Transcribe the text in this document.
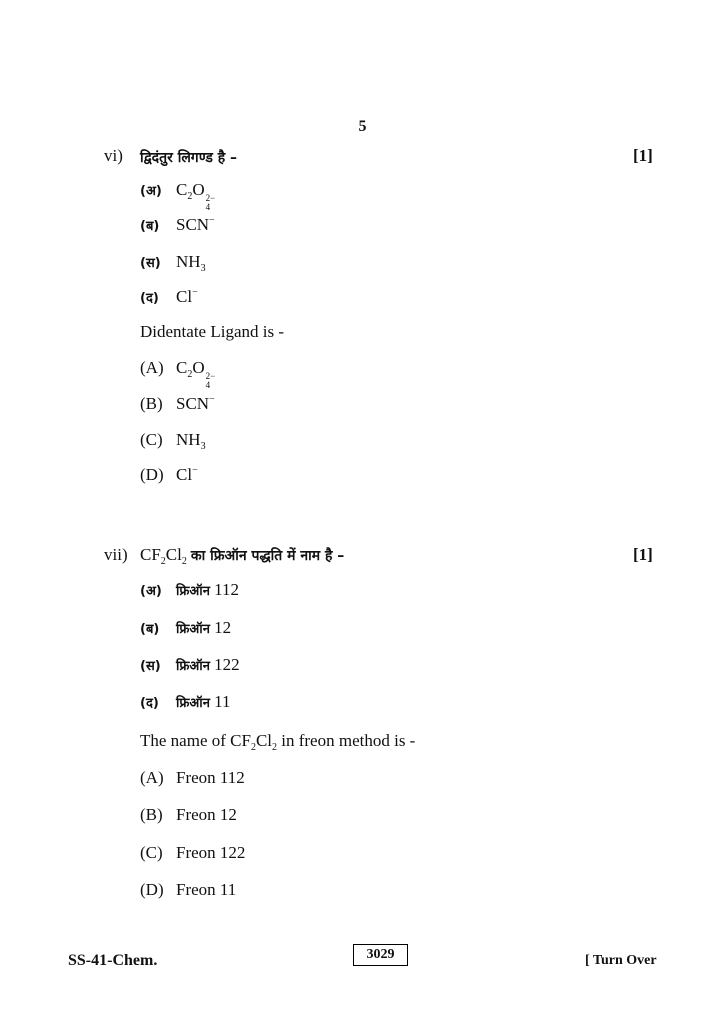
5
vi) द्विदंतुर लिगण्ड है –	[1]
(अ) $C_2O$ 2−
4
(ब) SCN−
(स) $NH_3$
(द) Cl−
Didentate Ligand is -
(A) $C_2O$ 2−
4
(B) SCN−
(C) $NH_3$
(D) Cl−
vii) $CF_2Cl_2$ का फ्रिऑन पद्धति में नाम है –	[1]
(अ) फ्रिऑन 112
(ब) फ्रिऑन 12
(स) फ्रिऑन 122
(द) फ्रिऑन 11
The name of $CF_2Cl_2$ in freon method is -
(A) Freon 112
(B) Freon 12
(C) Freon 122
(D) Freon 11
SS-41-Chem.	3029	[ Turn Over
